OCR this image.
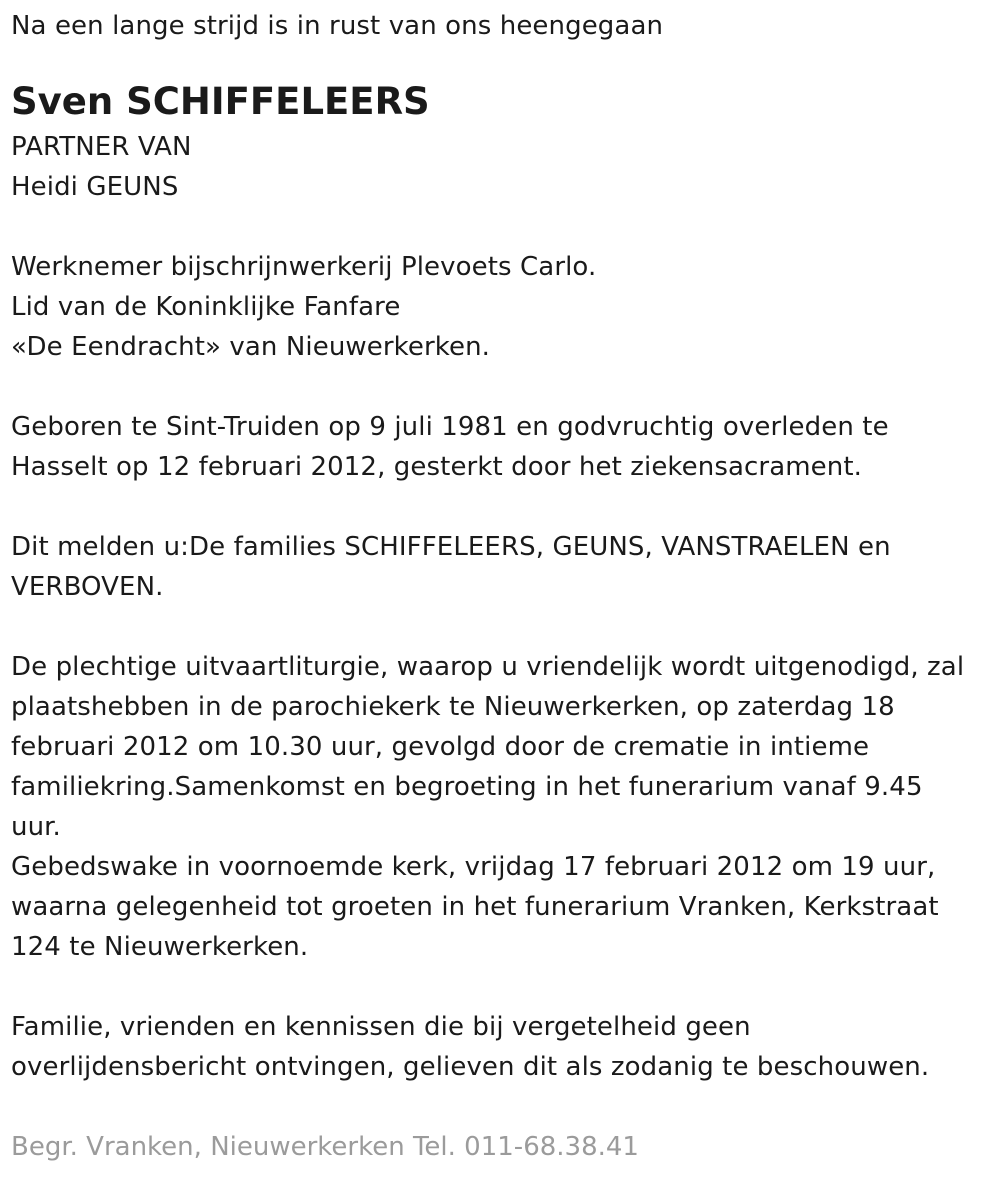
Na een lange strijd is in rust van ons heengegaan
Sven SCHIFFELEERS
PARTNER VAN
Heidi GEUNS
Werknemer bijschrijnwerkerij Plevoets Carlo.
Lid van de Koninklijke Fanfare
«De Eendracht» van Nieuwerkerken.
Geboren te Sint-Truiden op 9 juli 1981 en godvruchtig overleden te
Hasselt op 12 februari 2012, gesterkt door het ziekensacrament.
Dit melden u:De families SCHIFFELEERS, GEUNS, VANSTRAELEN en
VERBOVEN.
De plechtige uitvaartliturgie, waarop u vriendelijk wordt uitgenodigd, zal
plaatshebben in de parochiekerk te Nieuwerkerken, op zaterdag 18
februari 2012 om 10.30 uur, gevolgd door de crematie in intieme
familiekring.Samenkomst en begroeting in het funerarium vanaf 9.45
uur.
Gebedswake in voornoemde kerk, vrijdag 17 februari 2012 om 19 uur,
waarna gelegenheid tot groeten in het funerarium Vranken, Kerkstraat
124 te Nieuwerkerken.
Familie, vrienden en kennissen die bij vergetelheid geen
overlijdensbericht ontvingen, gelieven dit als zodanig te beschouwen.
Begr. Vranken, Nieuwerkerken Tel. 011-68.38.41
